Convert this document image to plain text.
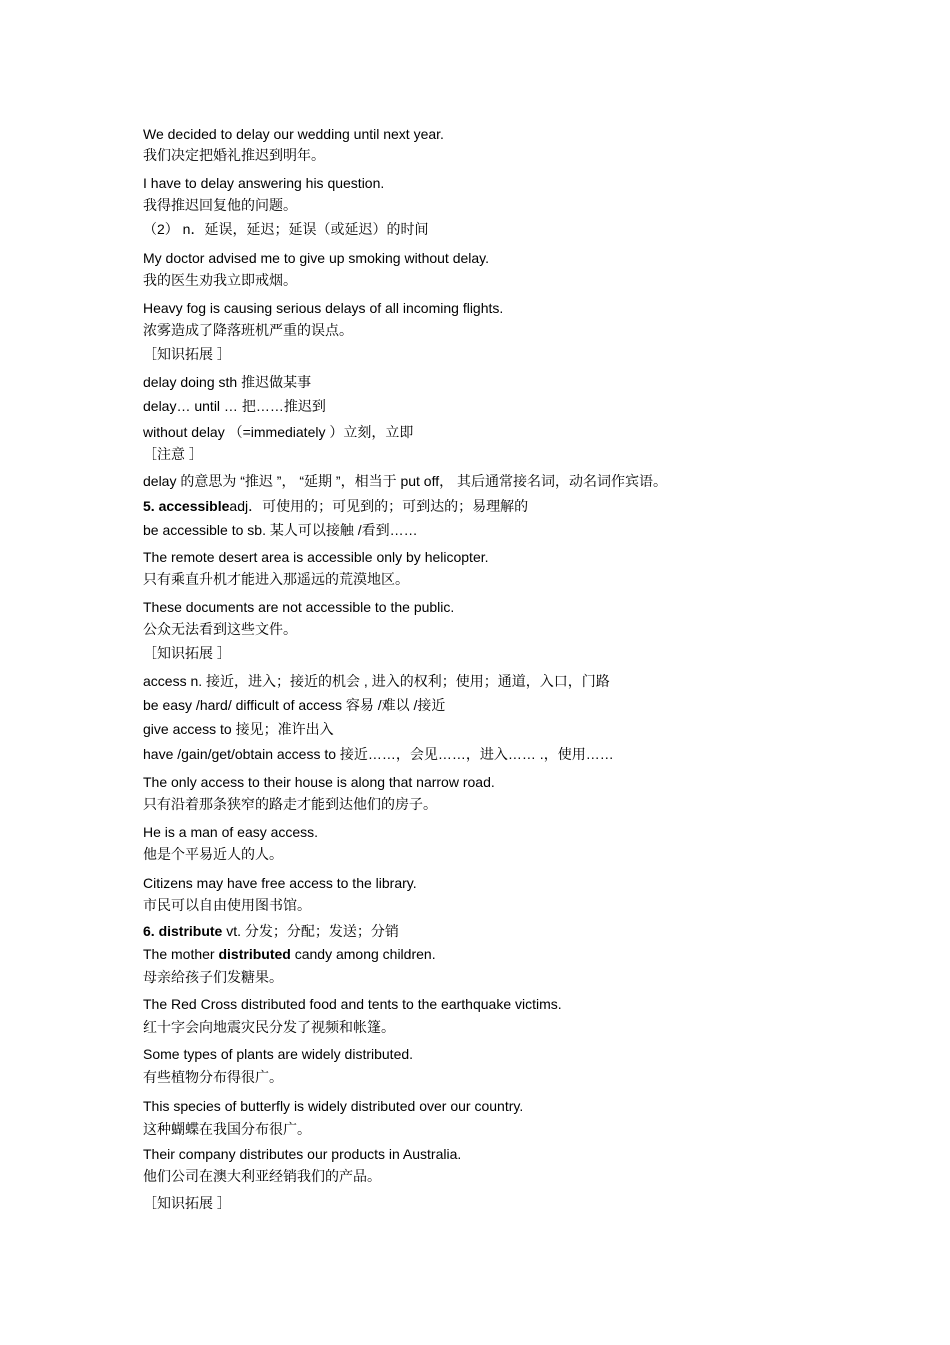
We decided to delay our wedding until next year.
我们决定把婚礼推迟到明年。
I have to delay answering his question.
我得推迟回复他的问题。
（2） n．延误，延迟；延误（或延迟）的时间
My doctor advised me to give up smoking without delay.
我的医生劝我立即戒烟。
Heavy fog is causing serious delays of all incoming flights.
浓雾造成了降落班机严重的误点。
［知识拓展 ］
delay doing sth 推迟做某事
delay… until … 把……推迟到
without delay （=immediately ）立刻，立即
［注意 ］
delay 的意思为 “推迟 ”， “延期 ”，相当于 put off， 其后通常接名词，动名词作宾语。
5. accessibleadj．可使用的；可见到的；可到达的；易理解的
be accessible to sb. 某人可以接触 /看到……
The remote desert area is accessible only by helicopter.
只有乘直升机才能进入那遥远的荒漠地区。
These documents are not accessible to the public.
公众无法看到这些文件。
［知识拓展 ］
access n. 接近，进入；接近的机会 , 进入的权利；使用；通道，入口，门路
be easy /hard/ difficult of access 容易 /难以 /接近
give access to 接见；准许出入
have /gain/get/obtain access to 接近……，会见……，进入…… .，使用……
The only access to their house is along that narrow road.
只有沿着那条狭窄的路走才能到达他们的房子。
He is a man of easy access.
他是个平易近人的人。
Citizens may have free access to the library.
市民可以自由使用图书馆。
6. distribute vt. 分发；分配；发送；分销
The mother distributed candy among children.
母亲给孩子们发糖果。
The Red Cross distributed food and tents to the earthquake victims.
红十字会向地震灾民分发了视频和帐篷。
Some types of plants are widely distributed.
有些植物分布得很广。
This species of butterfly is widely distributed over our country.
这种蝴蝶在我国分布很广。
Their company distributes our products in Australia.
他们公司在澳大利亚经销我们的产品。
［知识拓展 ］
